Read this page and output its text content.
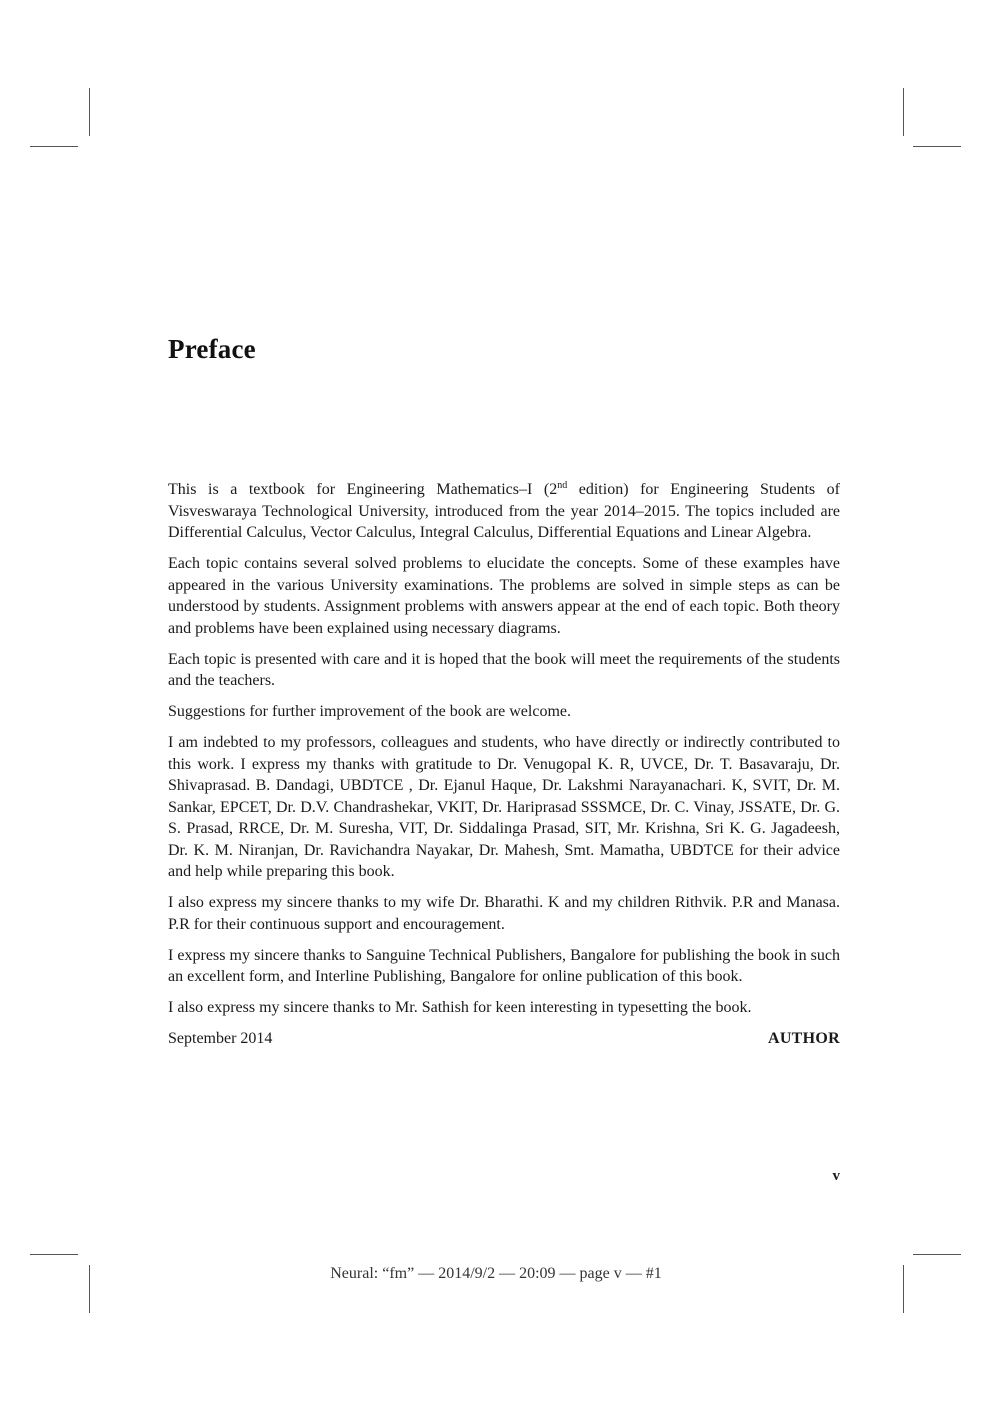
Preface

This is a textbook for Engineering Mathematics–I (2nd edition) for Engineering Students of Visveswaraya Technological University, introduced from the year 2014–2015. The topics included are Differential Calculus, Vector Calculus, Integral Calculus, Differential Equations and Linear Algebra.

Each topic contains several solved problems to elucidate the concepts. Some of these examples have appeared in the various University examinations. The problems are solved in simple steps as can be understood by students. Assignment problems with answers appear at the end of each topic. Both theory and problems have been explained using necessary diagrams.

Each topic is presented with care and it is hoped that the book will meet the requirements of the students and the teachers.

Suggestions for further improvement of the book are welcome.

I am indebted to my professors, colleagues and students, who have directly or indirectly contributed to this work. I express my thanks with gratitude to Dr. Venugopal K. R, UVCE, Dr. T. Basavaraju, Dr. Shivaprasad. B. Dandagi, UBDTCE , Dr. Ejanul Haque, Dr. Lakshmi Narayanachari. K, SVIT, Dr. M. Sankar, EPCET, Dr. D.V. Chandrashekar, VKIT, Dr. Hariprasad SSSMCE, Dr. C. Vinay, JSSATE, Dr. G. S. Prasad, RRCE, Dr. M. Suresha, VIT, Dr. Siddalinga Prasad, SIT, Mr. Krishna, Sri K. G. Jagadeesh, Dr. K. M. Niranjan, Dr. Ravichandra Nayakar, Dr. Mahesh, Smt. Mamatha, UBDTCE for their advice and help while preparing this book.

I also express my sincere thanks to my wife Dr. Bharathi. K and my children Rithvik. P.R and Manasa. P.R for their continuous support and encouragement.

I express my sincere thanks to Sanguine Technical Publishers, Bangalore for publishing the book in such an excellent form, and Interline Publishing, Bangalore for online publication of this book.

I also express my sincere thanks to Mr. Sathish for keen interesting in typesetting the book.

September 2014	AUTHOR
v
Neural: “fm” — 2014/9/2 — 20:09 — page v — #1
